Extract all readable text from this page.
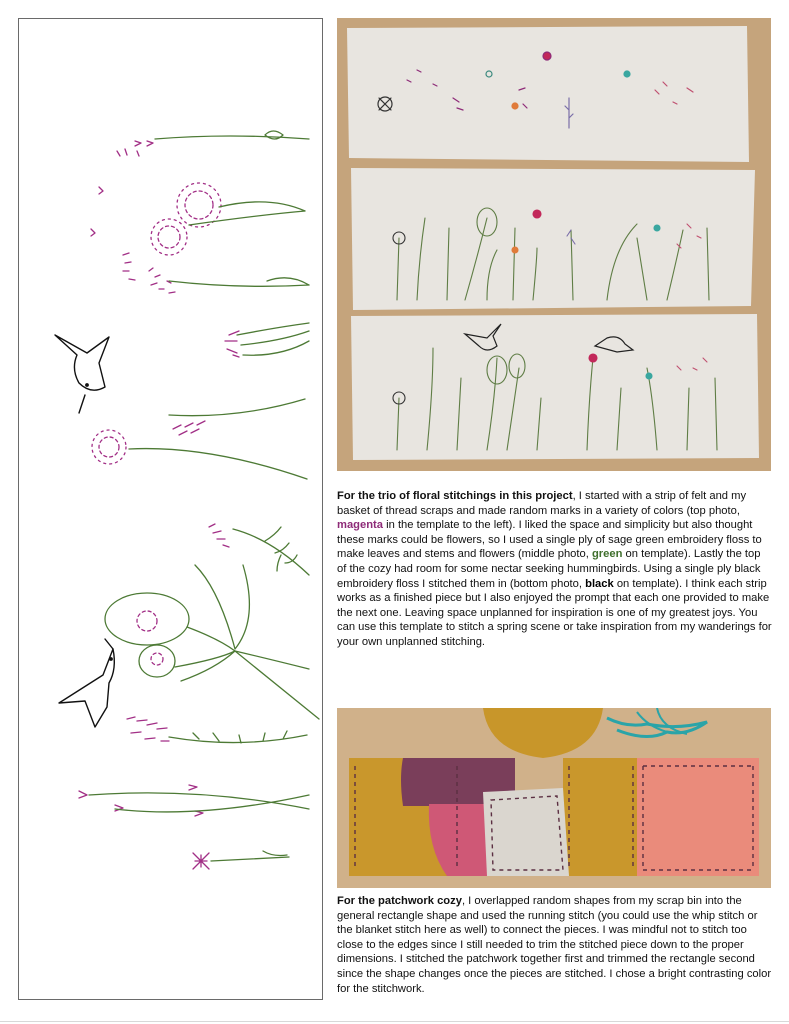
For the trio of floral stitchings in this project, I started with a strip of felt and my basket of thread scraps and made random marks in a variety of colors (top photo, magenta in the template to the left). I liked the space and simplicity but also thought these marks could be flowers, so I used a single ply of sage green embroidery floss to make leaves and stems and flowers (middle photo, green on template). Lastly the top of the cozy had room for some nectar seeking hummingbirds. Using a single ply black embroidery floss I stitched them in (bottom photo, black on template). I think each strip works as a finished piece but I also enjoyed the prompt that each one provided to make the next one. Leaving space unplanned for inspiration is one of my greatest joys. You can use this template to stitch a spring scene or take inspiration from my wanderings for your own unplanned stitching.

For the patchwork cozy, I overlapped random shapes from my scrap bin into the general rectangle shape and used the running stitch (you could use the whip stitch or the blanket stitch here as well) to connect the pieces. I was mindful not to stitch too close to the edges since I still needed to trim the stitched piece down to the proper dimensions. I stitched the patchwork together first and trimmed the rectangle second since the shape changes once the pieces are stitched. I chose a bright contrasting color for the stitchwork.
